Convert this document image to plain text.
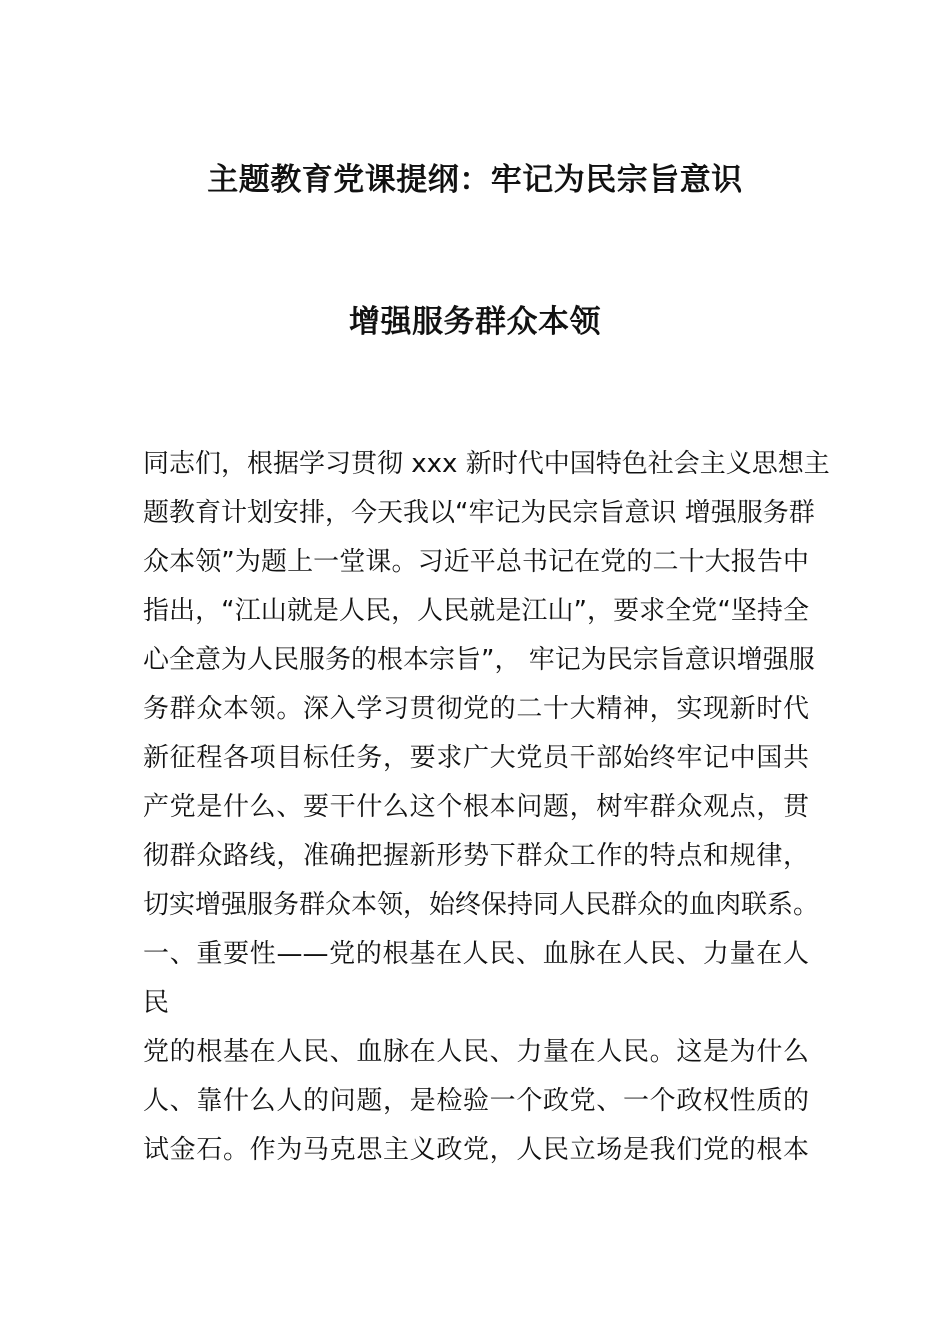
主题教育党课提纲：牢记为民宗旨意识
增强服务群众本领
同志们，根据学习贯彻 xxx 新时代中国特色社会主义思想主
题教育计划安排，今天我以“牢记为民宗旨意识 增强服务群
众本领”为题上一堂课。习近平总书记在党的二十大报告中
指出，“江山就是人民，人民就是江山”，要求全党“坚持全
心全意为人民服务的根本宗旨”， 牢记为民宗旨意识增强服
务群众本领。深入学习贯彻党的二十大精神，实现新时代
新征程各项目标任务，要求广大党员干部始终牢记中国共
产党是什么、要干什么这个根本问题，树牢群众观点，贯
彻群众路线，准确把握新形势下群众工作的特点和规律，
切实增强服务群众本领，始终保持同人民群众的血肉联系。
一、重要性——党的根基在人民、血脉在人民、力量在人
民
党的根基在人民、血脉在人民、力量在人民。这是为什么
人、靠什么人的问题，是检验一个政党、一个政权性质的
试金石。作为马克思主义政党，人民立场是我们党的根本
